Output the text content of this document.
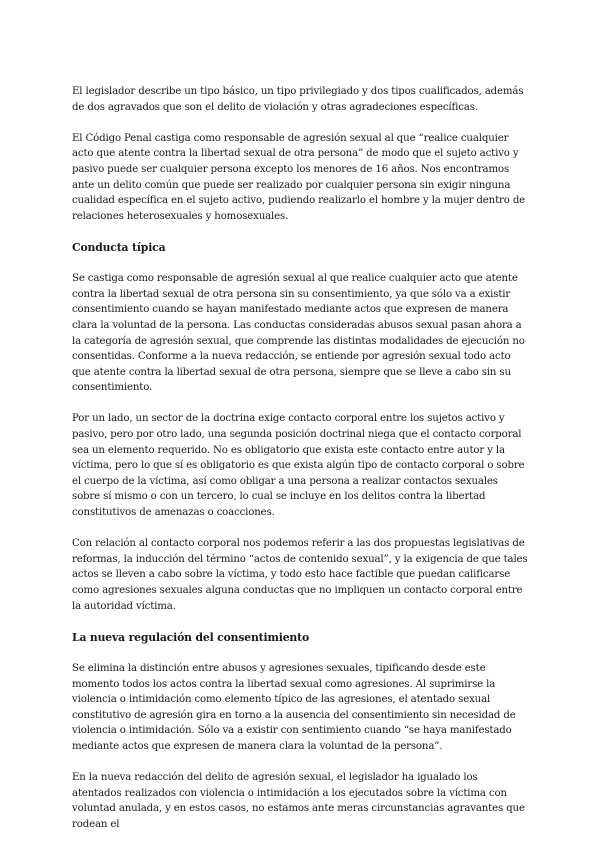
El legislador describe un tipo básico, un tipo privilegiado y dos tipos cualificados, además de dos agravados que son el delito de violación y otras agradeciones específicas.

El Código Penal castiga como responsable de agresión sexual al que “realice cualquier acto que atente contra la libertad sexual de otra persona” de modo que el sujeto activo y pasivo puede ser cualquier persona excepto los menores de 16 años. Nos encontramos ante un delito común que puede ser realizado por cualquier persona sin exigir ninguna cualidad específica en el sujeto activo, pudiendo realizarlo el hombre y la mujer dentro de relaciones heterosexuales y homosexuales.

Conducta típica

Se castiga como responsable de agresión sexual al que realice cualquier acto que atente contra la libertad sexual de otra persona sin su consentimiento, ya que sólo va a existir consentimiento cuando se hayan manifestado mediante actos que expresen de manera clara la voluntad de la persona. Las conductas consideradas abusos sexual pasan ahora a la categoría de agresión sexual, que comprende las distintas modalidades de ejecución no consentidas. Conforme a la nueva redacción, se entiende por agresión sexual todo acto que atente contra la libertad sexual de otra persona, siempre que se lleve a cabo sin su consentimiento.

Por un lado, un sector de la doctrina exige contacto corporal entre los sujetos activo y pasivo, pero por otro lado, una segunda posición doctrinal niega que el contacto corporal sea un elemento requerido. No es obligatorio que exista este contacto entre autor y la víctima, pero lo que sí es obligatorio es que exista algún tipo de contacto corporal o sobre el cuerpo de la víctima, así como obligar a una persona a realizar contactos sexuales sobre sí mismo o con un tercero, lo cual se incluye en los delitos contra la libertad constitutivos de amenazas o coacciones.

Con relación al contacto corporal nos podemos referir a las dos propuestas legislativas de reformas, la inducción del término “actos de contenido sexual”, y la exigencia de que tales actos se lleven a cabo sobre la víctima, y todo esto hace factible que puedan calificarse como agresiones sexuales alguna conductas que no impliquen un contacto corporal entre la autoridad víctima.

La nueva regulación del consentimiento

Se elimina la distinción entre abusos y agresiones sexuales, tipificando desde este momento todos los actos contra la libertad sexual como agresiones. Al suprimirse la violencia o intimidación como elemento típico de las agresiones, el atentado sexual constitutivo de agresión gira en torno a la ausencia del consentimiento sin necesidad de violencia o intimidación. Sólo va a existir con sentimiento cuando “se haya manifestado mediante actos que expresen de manera clara la voluntad de la persona”.

En la nueva redacción del delito de agresión sexual, el legislador ha igualado los atentados realizados con violencia o intimidación a los ejecutados sobre la víctima con voluntad anulada, y en estos casos, no estamos ante meras circunstancias agravantes que rodean el
